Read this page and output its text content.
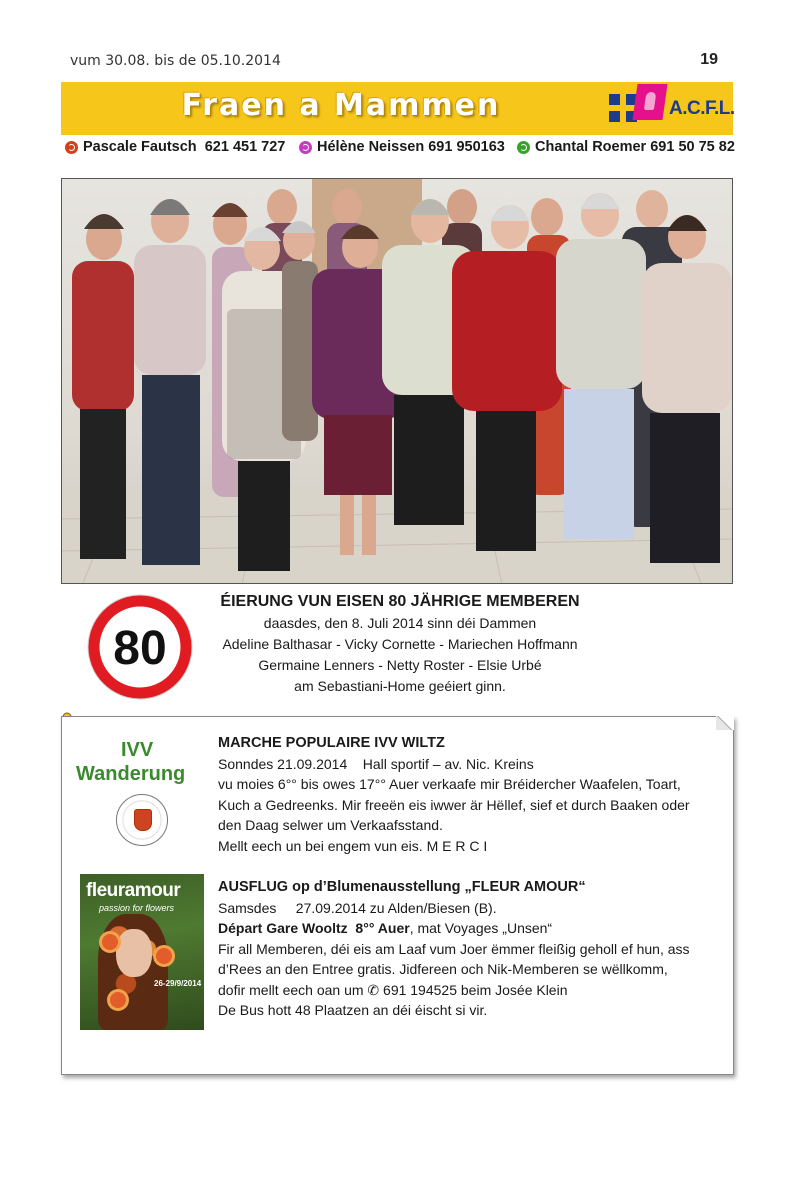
vum 30.08. bis de 05.10.2014	19
Fraen a Mammen	A.C.F.L.
Pascale Fautsch
621 451 727 Hélène Neissen
691 950163 Chantal Roemer
691 50 75 82
80
ÉIERUNG VUN EISEN 80 JÄHRIGE MEMBEREN
daasdes, den 8. Juli 2014 sinn déi Dammen
Adeline Balthasar - Vicky Cornette - Mariechen Hoffmann
Germaine Lenners - Netty Roster - Elsie Urbé
am Sebastiani-Home geéiert ginn.
IVV
Wanderung
MARCHE POPULAIRE IVV WILTZ
Sonndes 21.09.2014    Hall sportif – av. Nic. Kreins
vu moies 6°° bis owes 17°° Auer verkaafe mir Bréidercher Waafelen, Toart,
Kuch a Gedreenks. Mir freeën eis iwwer är Hëllef, sief et durch Baaken oder
den Daag selwer um Verkaafsstand.
Mellt eech un bei engem vun eis. M E R C I
fleuramour
passion for flowers
26-29/9/2014
AUSFLUG op d’Blumenausstellung „FLEUR AMOUR“
Samsdes     27.09.2014 zu Alden/Biesen (B).
Départ Gare Wooltz  8°° Auer, mat Voyages „Unsen“
Fir all Memberen, déi eis am Laaf vum Joer ëmmer fleißig geholl ef hun, ass
d’Rees an den Entree gratis. Jidfereen och Nik-Memberen se wëllkomm,
dofir mellt eech oan um ✆ 691 194525 beim Josée Klein
De Bus hott 48 Plaatzen an déi éischt si vir.
